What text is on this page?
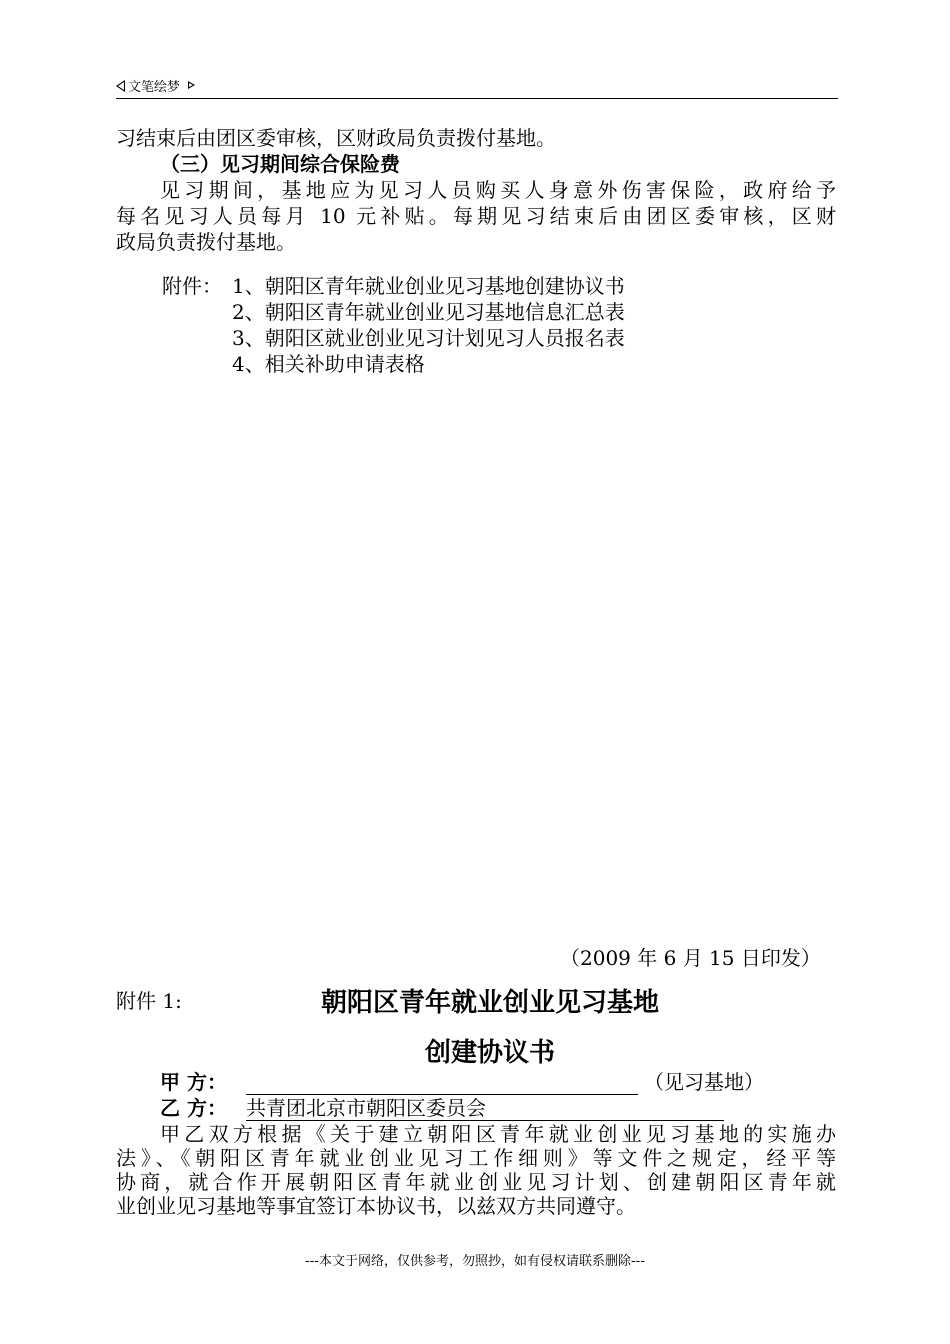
文笔绘梦
习结束后由团区委审核，区财政局负责拨付基地。
（三）见习期间综合保险费
见习期间，基地应为见习人员购买人身意外伤害保险，政府给予
每名见习人员每月 10 元补贴。每期见习结束后由团区委审核，区财
政局负责拨付基地。
附件： 1、朝阳区青年就业创业见习基地创建协议书
2、朝阳区青年就业创业见习基地信息汇总表
3、朝阳区就业创业见习计划见习人员报名表
4、相关补助申请表格
（2009 年 6 月 15 日印发）
附件 1:	朝阳区青年就业创业见习基地
创建协议书
甲 方：	（见习基地）
乙 方： 共青团北京市朝阳区委员会
甲乙双方根据《关于建立朝阳区青年就业创业见习基地的实施办
法》、《朝阳区青年就业创业见习工作细则》等文件之规定，经平等
协商，就合作开展朝阳区青年就业创业见习计划、创建朝阳区青年就
业创业见习基地等事宜签订本协议书，以兹双方共同遵守。
---本文于网络，仅供参考，勿照抄，如有侵权请联系删除---
